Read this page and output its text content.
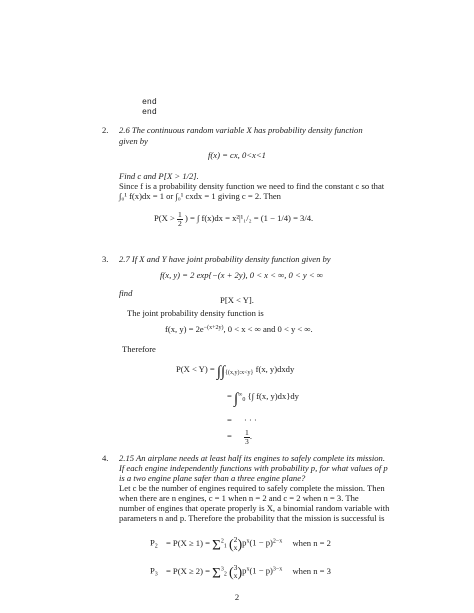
end
end
2. 2.6 The continuous random variable X has probability density function given by
f(x) = cx, 0<x<1
Find c and P[X > 1/2].
Since f is a probability density function we need to find the constant c so that
∫₀¹ f(x)dx = 1 or ∫₀¹ cxdx = 1 giving c = 2. Then
$P(X > \frac{1}{2}$ ) = ∫ f(x)dx = x²|¹₁/₂ = (1 − 1/4) = 3/4.
3. 2.7 If X and Y have joint probability density function given by
f(x, y) = 2 exp{−(x + 2y), 0 < x < ∞, 0 < y < ∞
find
P[X < Y].
The joint probability density function is
f(x, $y) = 2e^{-(x+2y)}$, 0 < x < ∞ and 0 < y < ∞.
Therefore
$P(X < Y) = \int\int_{\{(x,y):x<y\}}$ f(x, y)dxdy
= $\int^\infty_0$ {∫ f(x, y)dx}dy
= · · ·
= $\frac{1}{3}$ .
4. 2.15 An airplane needs at least half its engines to safely complete its mission.
If each engine independently functions with probability p, for what values of p
is a two engine plane safer than a three engine plane?
Let c be the number of engines required to safely complete the mission. Then
when there are n engines, c = 1 when n = 2 and c = 2 when n = 3. The
number of engines that operate properly is X, a binomial random variable with
parameters n and p. Therefore the probability that the mission is successful is
$P_2 = P(X \ge 1) = \Sigma^2_1$ ( 2
x )$p^x(1 - p)^{2-x}$ when n = 2
$P_3 = P(X \ge 2) = \Sigma^3_2$ ( 3
x )$p^x(1 - p)^{3-x}$ when n = 3
2
